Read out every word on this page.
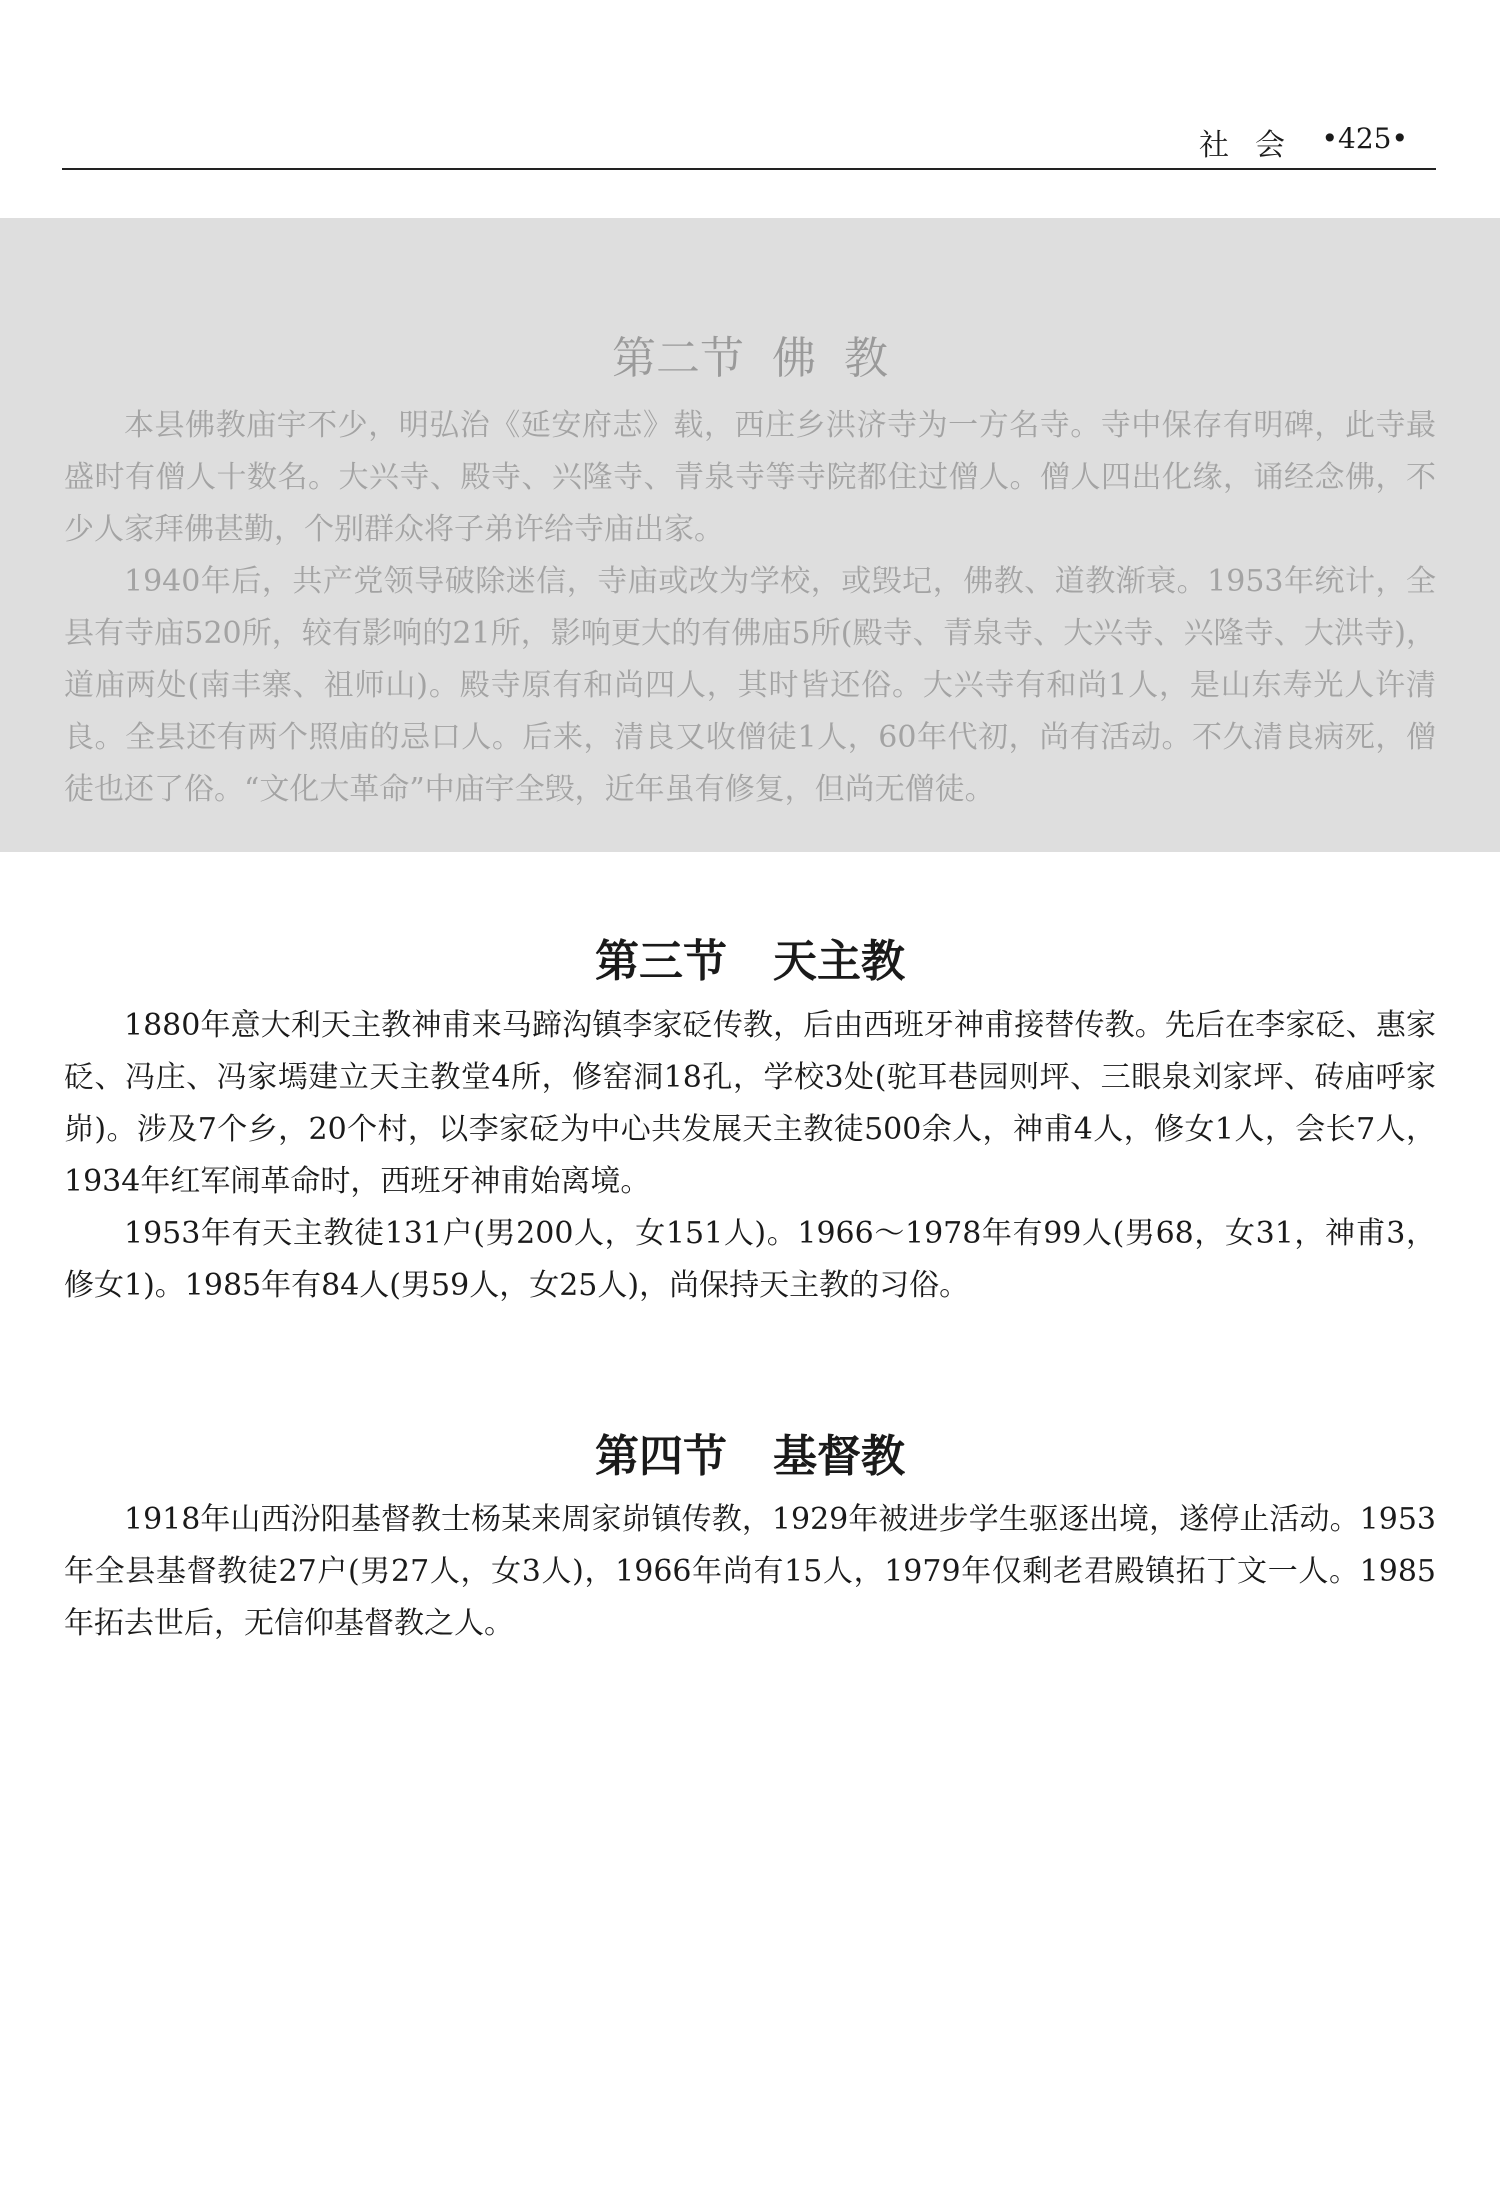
社会 •425•
第二节  佛  教

本县佛教庙宇不少，明弘治《延安府志》载，西庄乡洪济寺为一方名寺。寺中保存有明碑，此寺最盛时有僧人十数名。大兴寺、殿寺、兴隆寺、青泉寺等寺院都住过僧人。僧人四出化缘，诵经念佛，不少人家拜佛甚勤，个别群众将子弟许给寺庙出家。

1940年后，共产党领导破除迷信，寺庙或改为学校，或毁圮，佛教、道教渐衰。1953年统计，全县有寺庙520所，较有影响的21所，影响更大的有佛庙5所(殿寺、青泉寺、大兴寺、兴隆寺、大洪寺)，道庙两处(南丰寨、祖师山)。殿寺原有和尚四人，其时皆还俗。大兴寺有和尚1人，是山东寿光人许清良。全县还有两个照庙的忌口人。后来，清良又收僧徒1人，60年代初，尚有活动。不久清良病死，僧徒也还了俗。“文化大革命”中庙宇全毁，近年虽有修复，但尚无僧徒。

第三节   天主教

1880年意大利天主教神甫来马蹄沟镇李家砭传教，后由西班牙神甫接替传教。先后在李家砭、惠家砭、冯庄、冯家墕建立天主教堂4所，修窑洞18孔，学校3处(驼耳巷园则坪、三眼泉刘家坪、砖庙呼家峁)。涉及7个乡，20个村，以李家砭为中心共发展天主教徒500余人，神甫4人，修女1人，会长7人，1934年红军闹革命时，西班牙神甫始离境。

1953年有天主教徒131户(男200人，女151人)。1966～1978年有99人(男68，女31，神甫3，修女1)。1985年有84人(男59人，女25人)，尚保持天主教的习俗。

第四节   基督教

1918年山西汾阳基督教士杨某来周家峁镇传教，1929年被进步学生驱逐出境，遂停止活动。1953年全县基督教徒27户(男27人，女3人)，1966年尚有15人，1979年仅剩老君殿镇拓丁文一人。1985年拓去世后，无信仰基督教之人。
